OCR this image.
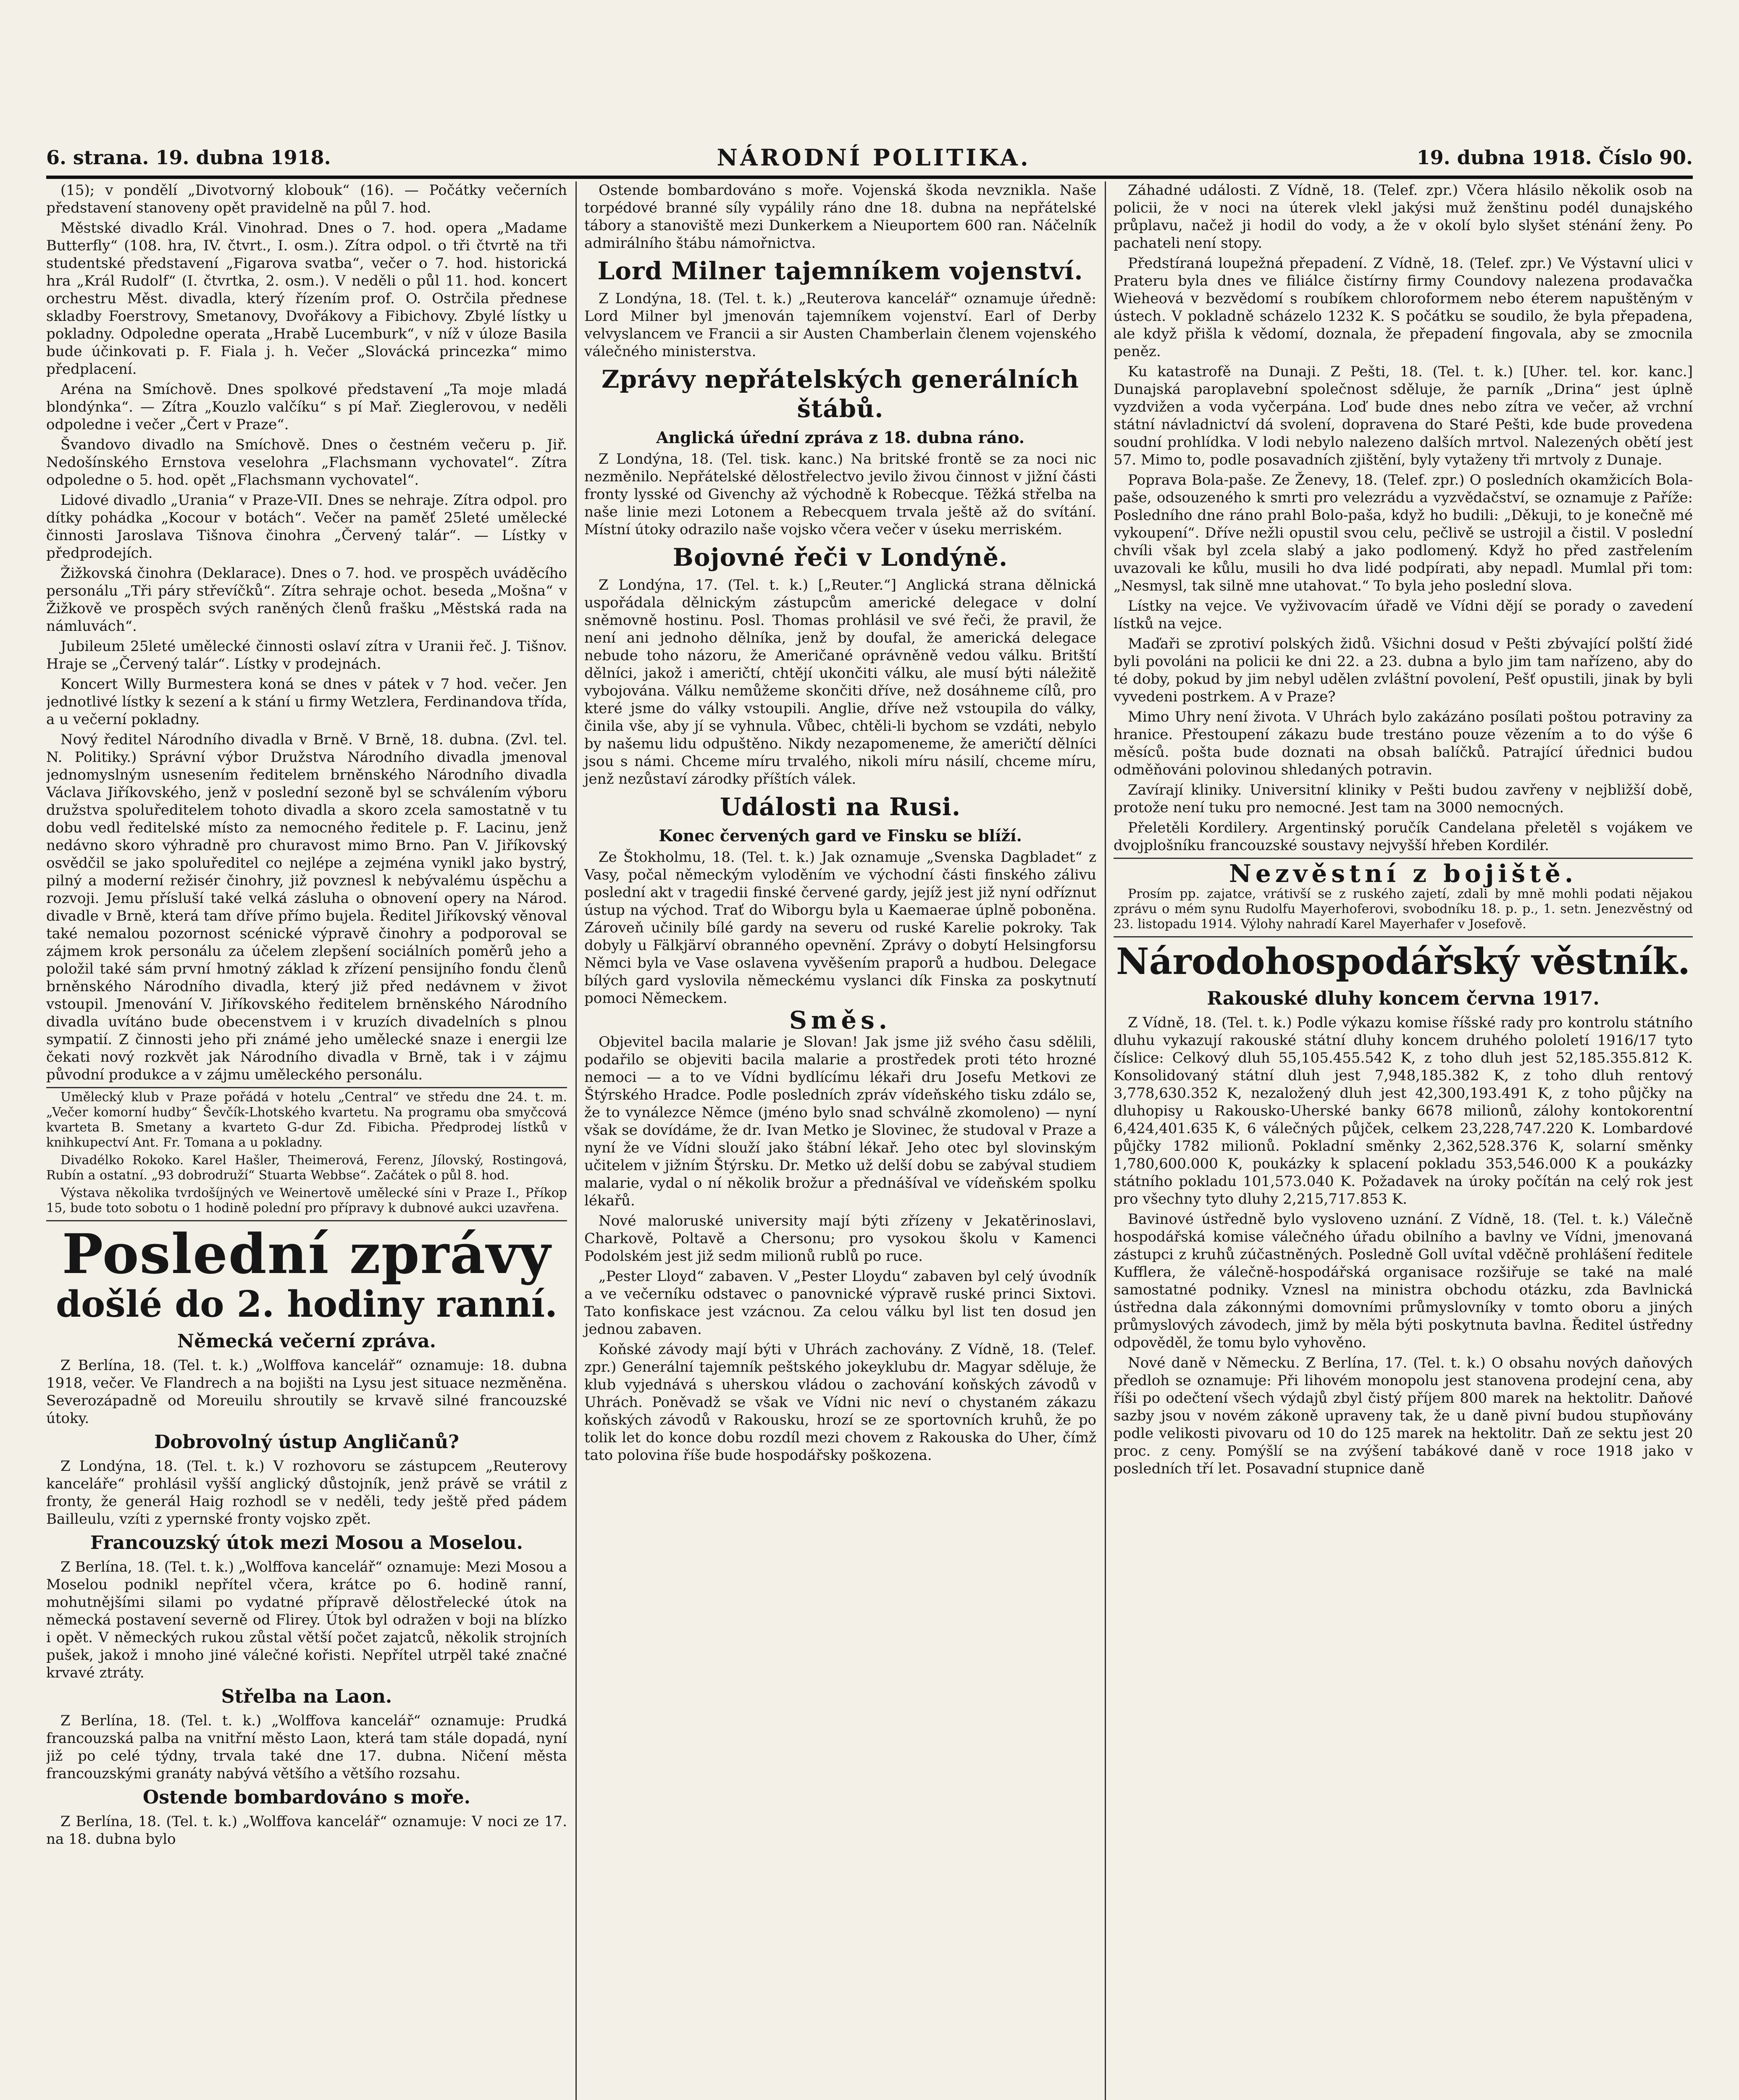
6. strana. 19. dubna 1918.	NÁRODNÍ POLITIKA.	19. dubna 1918. Číslo 90.

(15); v pondělí „Divotvorný klobouk“ (16). — Počátky večerních představení stanoveny opět pravidelně na půl 7. hod.

Městské divadlo Král. Vinohrad. Dnes o 7. hod. opera „Madame Butterfly“ (108. hra, IV. čtvrt., I. osm.). Zítra odpol. o tři čtvrtě na tři studentské představení „Figarova svatba“, večer o 7. hod. historická hra „Král Rudolf“ (I. čtvrtka, 2. osm.). V neděli o půl 11. hod. koncert orchestru Měst. divadla, který řízením prof. O. Ostrčila přednese skladby Foerstrovy, Smetanovy, Dvořákovy a Fibichovy. Zbylé lístky u pokladny. Odpoledne operata „Hrabě Lucemburk“, v níž v úloze Basila bude účinkovati p. F. Fiala j. h. Večer „Slovácká princezka“ mimo předplacení.

Aréna na Smíchově. Dnes spolkové představení „Ta moje mladá blondýnka“. — Zítra „Kouzlo valčíku“ s pí Mař. Zieglerovou, v neděli odpoledne i večer „Čert v Praze“.

Švandovo divadlo na Smíchově. Dnes o čestném večeru p. Jiř. Nedošínského Ernstova veselohra „Flachsmann vychovatel“. Zítra odpoledne o 5. hod. opět „Flachsmann vychovatel“.

Lidové divadlo „Urania“ v Praze-VII. Dnes se nehraje. Zítra odpol. pro dítky pohádka „Kocour v botách“. Večer na paměť 25leté umělecké činnosti Jaroslava Tišnova činohra „Červený talár“. — Lístky v předprodejích.

Žižkovská činohra (Deklarace). Dnes o 7. hod. ve prospěch uváděcího personálu „Tři páry střevíčků“. Zítra sehraje ochot. beseda „Mošna“ v Žižkově ve prospěch svých raněných členů frašku „Městská rada na námluvách“.

Jubileum 25leté umělecké činnosti oslaví zítra v Uranii řeč. J. Tišnov. Hraje se „Červený talár“. Lístky v prodejnách.

Koncert Willy Burmestera koná se dnes v pátek v 7 hod. večer. Jen jednotlivé lístky k sezení a k stání u firmy Wetzlera, Ferdinandova třída, a u večerní pokladny.

Nový ředitel Národního divadla v Brně. V Brně, 18. dubna. (Zvl. tel. N. Politiky.) Správní výbor Družstva Národního divadla jmenoval jednomyslným usnesením ředitelem brněnského Národního divadla Václava Jiříkovského, jenž v poslední sezoně byl se schválením výboru družstva spoluředitelem tohoto divadla a skoro zcela samostatně v tu dobu vedl ředitelské místo za nemocného ředitele p. F. Lacinu, jenž nedávno skoro výhradně pro churavost mimo Brno. Pan V. Jiříkovský osvědčil se jako spoluředitel co nejlépe a zejména vynikl jako bystrý, pilný a moderní režisér činohry, již povznesl k nebývalému úspěchu a rozvoji. Jemu přísluší také velká zásluha o obnovení opery na Národ. divadle v Brně, která tam dříve přímo bujela. Ředitel Jiříkovský věnoval také nemalou pozornost scénické výpravě činohry a podporoval se zájmem krok personálu za účelem zlepšení sociálních poměrů jeho a položil také sám první hmotný základ k zřízení pensijního fondu členů brněnského Národního divadla, který již před nedávnem v život vstoupil. Jmenování V. Jiříkovského ředitelem brněnského Národního divadla uvítáno bude obecenstvem i v kruzích divadelních s plnou sympatií. Z činnosti jeho při známé jeho umělecké snaze i energii lze čekati nový rozkvět jak Národního divadla v Brně, tak i v zájmu původní produkce a v zájmu uměleckého personálu.

Umělecký klub v Praze pořádá v hotelu „Central“ ve středu dne 24. t. m. „Večer komorní hudby“ Ševčík-Lhotského kvartetu. Na programu oba smyčcová kvarteta B. Smetany a kvarteto G-dur Zd. Fibicha. Předprodej lístků v knihkupectví Ant. Fr. Tomana a u pokladny.

Divadélko Rokoko. Karel Hašler, Theimerová, Ferenz, Jílovský, Rostingová, Rubín a ostatní. „93 dobrodruží“ Stuarta Webbse“. Začátek o půl 8. hod.

Výstava několika tvrdošíjných ve Weinertově umělecké síni v Praze I., Příkop 15, bude toto sobotu o 1 hodině polední pro přípravy k dubnové aukci uzavřena.

Poslední zprávy
došlé do 2. hodiny ranní.
Německá večerní zpráva.

Z Berlína, 18. (Tel. t. k.) „Wolffova kancelář“ oznamuje: 18. dubna 1918, večer. Ve Flandrech a na bojišti na Lysu jest situace nezměněna. Severozápadně od Moreuilu shroutily se krvavě silné francouzské útoky.

Dobrovolný ústup Angličanů?

Z Londýna, 18. (Tel. t. k.) V rozhovoru se zástupcem „Reuterovy kanceláře“ prohlásil vyšší anglický důstojník, jenž právě se vrátil z fronty, že generál Haig rozhodl se v neděli, tedy ještě před pádem Bailleulu, vzíti z ypernské fronty vojsko zpět.

Francouzský útok mezi Mosou a Moselou.

Z Berlína, 18. (Tel. t. k.) „Wolffova kancelář“ oznamuje: Mezi Mosou a Moselou podnikl nepřítel včera, krátce po 6. hodině ranní, mohutnějšími silami po vydatné přípravě dělostřelecké útok na německá postavení severně od Flirey. Útok byl odražen v boji na blízko i opět. V německých rukou zůstal větší počet zajatců, několik strojních pušek, jakož i mnoho jiné válečné kořisti. Nepřítel utrpěl také značné krvavé ztráty.

Střelba na Laon.

Z Berlína, 18. (Tel. t. k.) „Wolffova kancelář“ oznamuje: Prudká francouzská palba na vnitřní město Laon, která tam stále dopadá, nyní již po celé týdny, trvala také dne 17. dubna. Ničení města francouzskými granáty nabývá většího a většího rozsahu.

Ostende bombardováno s moře.

Z Berlína, 18. (Tel. t. k.) „Wolffova kancelář“ oznamuje: V noci ze 17. na 18. dubna bylo

Ostende bombardováno s moře. Vojenská škoda nevznikla. Naše torpédové branné síly vypálily ráno dne 18. dubna na nepřátelské tábory a stanoviště mezi Dunkerkem a Nieuportem 600 ran. Náčelník admirálního štábu námořnictva.

Lord Milner tajemníkem vojenství.

Z Londýna, 18. (Tel. t. k.) „Reuterova kancelář“ oznamuje úředně: Lord Milner byl jmenován tajemníkem vojenství. Earl of Derby velvyslancem ve Francii a sir Austen Chamberlain členem vojenského válečného ministerstva.

Zprávy nepřátelských generálních štábů.
Anglická úřední zpráva z 18. dubna ráno.

Z Londýna, 18. (Tel. tisk. kanc.) Na britské frontě se za noci nic nezměnilo. Nepřátelské dělostřelectvo jevilo živou činnost v jižní části fronty lysské od Givenchy až východně k Robecque. Těžká střelba na naše linie mezi Lotonem a Rebecquem trvala ještě až do svítání. Místní útoky odrazilo naše vojsko včera večer v úseku merriském.

Bojovné řeči v Londýně.

Z Londýna, 17. (Tel. t. k.) [„Reuter.“] Anglická strana dělnická uspořádala dělnickým zástupcům americké delegace v dolní sněmovně hostinu. Posl. Thomas prohlásil ve své řeči, že pravil, že není ani jednoho dělníka, jenž by doufal, že americká delegace nebude toho názoru, že Američané oprávněně vedou válku. Britští dělníci, jakož i američtí, chtějí ukončiti válku, ale musí býti náležitě vybojována. Válku nemůžeme skončiti dříve, než dosáhneme cílů, pro které jsme do války vstoupili. Anglie, dříve než vstoupila do války, činila vše, aby jí se vyhnula. Vůbec, chtěli-li bychom se vzdáti, nebylo by našemu lidu odpuštěno. Nikdy nezapomeneme, že američtí dělníci jsou s námi. Chceme míru trvalého, nikoli míru násilí, chceme míru, jenž nezůstaví zárodky příštích válek.

Události na Rusi.
Konec červených gard ve Finsku se blíží.

Ze Štokholmu, 18. (Tel. t. k.) Jak oznamuje „Svenska Dagbladet“ z Vasy, počal německým vyloděním ve východní části finského zálivu poslední akt v tragedii finské červené gardy, jejíž jest již nyní odříznut ústup na východ. Trať do Wiborgu byla u Kaemaerae úplně poboněna. Zároveň učinily bílé gardy na severu od ruské Karelie pokroky. Tak dobyly u Fälkjärví obranného opevnění. Zprávy o dobytí Helsingforsu Němci byla ve Vase oslavena vyvěšením praporů a hudbou. Delegace bílých gard vyslovila německému vyslanci dík Finska za poskytnutí pomoci Německem.

Směs.

Objevitel bacila malarie je Slovan! Jak jsme již svého času sdělili, podařilo se objeviti bacila malarie a prostředek proti této hrozné nemoci — a to ve Vídni bydlícímu lékaři dru Josefu Metkovi ze Štýrského Hradce. Podle posledních zpráv vídeňského tisku zdálo se, že to vynálezce Němce (jméno bylo snad schválně zkomoleno) — nyní však se dovídáme, že dr. Ivan Metko je Slovinec, že studoval v Praze a nyní že ve Vídni slouží jako štábní lékař. Jeho otec byl slovinským učitelem v jižním Štýrsku. Dr. Metko už delší dobu se zabýval studiem malarie, vydal o ní několik brožur a přednášíval ve vídeňském spolku lékařů.

Nové maloruské university mají býti zřízeny v Jekatěrinoslavi, Charkově, Poltavě a Chersonu; pro vysokou školu v Kamenci Podolském jest již sedm milionů rublů po ruce.

„Pester Lloyd“ zabaven. V „Pester Lloydu“ zabaven byl celý úvodník a ve večerníku odstavec o panovnické výpravě ruské princi Sixtovi. Tato konfiskace jest vzácnou. Za celou válku byl list ten dosud jen jednou zabaven.

Koňské závody mají býti v Uhrách zachovány. Z Vídně, 18. (Telef. zpr.) Generální tajemník peštského jokeyklubu dr. Magyar sděluje, že klub vyjednává s uherskou vládou o zachování koňských závodů v Uhrách. Poněvadž se však ve Vídni nic neví o chystaném zákazu koňských závodů v Rakousku, hrozí se ze sportovních kruhů, že po tolik let do konce dobu rozdíl mezi chovem z Rakouska do Uher, čímž tato polovina říše bude hospodářsky poškozena.

Záhadné události. Z Vídně, 18. (Telef. zpr.) Včera hlásilo několik osob na policii, že v noci na úterek vlekl jakýsi muž ženštinu podél dunajského průplavu, načež ji hodil do vody, a že v okolí bylo slyšet sténání ženy. Po pachateli není stopy.

Předstíraná loupežná přepadení. Z Vídně, 18. (Telef. zpr.) Ve Výstavní ulici v Prateru byla dnes ve filiálce čistírny firmy Coundovy nalezena prodavačka Wieheová v bezvědomí s roubíkem chloroformem nebo éterem napuštěným v ústech. V pokladně scházelo 1232 K. S počátku se soudilo, že byla přepadena, ale když přišla k vědomí, doznala, že přepadení fingovala, aby se zmocnila peněz.

Ku katastrofě na Dunaji. Z Pešti, 18. (Tel. t. k.) [Uher. tel. kor. kanc.] Dunajská paroplavební společnost sděluje, že parník „Drina“ jest úplně vyzdvižen a voda vyčerpána. Loď bude dnes nebo zítra ve večer, až vrchní státní návladnictví dá svolení, dopravena do Staré Pešti, kde bude provedena soudní prohlídka. V lodi nebylo nalezeno dalších mrtvol. Nalezených obětí jest 57. Mimo to, podle posavadních zjištění, byly vytaženy tři mrtvoly z Dunaje.

Poprava Bola-paše. Ze Ženevy, 18. (Telef. zpr.) O posledních okamžicích Bola-paše, odsouzeného k smrti pro velezrádu a vyzvědačství, se oznamuje z Paříže: Posledního dne ráno prahl Bolo-paša, když ho budili: „Děkuji, to je konečně mé vykoupení“. Dříve nežli opustil svou celu, pečlivě se ustrojil a čistil. V poslední chvíli však byl zcela slabý a jako podlomený. Když ho před zastřelením uvazovali ke kůlu, musili ho dva lidé podpírati, aby nepadl. Mumlal při tom: „Nesmysl, tak silně mne utahovat.“ To byla jeho poslední slova.

Lístky na vejce. Ve vyživovacím úřadě ve Vídni dějí se porady o zavedení lístků na vejce.

Maďaři se zprotiví polských židů. Všichni dosud v Pešti zbývající polští židé byli povoláni na policii ke dni 22. a 23. dubna a bylo jim tam nařízeno, aby do té doby, pokud by jim nebyl udělen zvláštní povolení, Pešť opustili, jinak by byli vyvedeni postrkem. A v Praze?

Mimo Uhry není života. V Uhrách bylo zakázáno posílati poštou potraviny za hranice. Přestoupení zákazu bude trestáno pouze vězením a to do výše 6 měsíců. pošta bude doznati na obsah balíčků. Patrající úřednici budou odměňováni polovinou shledaných potravin.

Zavírají kliniky. Universitní kliniky v Pešti budou zavřeny v nejbližší době, protože není tuku pro nemocné. Jest tam na 3000 nemocných.

Přeletěli Kordilery. Argentinský poručík Candelana přeletěl s vojákem ve dvojplošníku francouzské soustavy nejvyšší hřeben Kordilér.

Nezvěstní z bojiště.

Prosím pp. zajatce, vrátivší se z ruského zajetí, zdali by mně mohli podati nějakou zprávu o mém synu Rudolfu Mayerhoferovi, svobodníku 18. p. p., 1. setn. Jenezvěstný od 23. listopadu 1914. Výlohy nahradí Karel Mayerhafer v Josefově.

Národohospodářský věstník.
Rakouské dluhy koncem června 1917.

Z Vídně, 18. (Tel. t. k.) Podle výkazu komise říšské rady pro kontrolu státního dluhu vykazují rakouské státní dluhy koncem druhého pololetí 1916/17 tyto číslice: Celkový dluh 55,105.455.542 K, z toho dluh jest 52,185.355.812 K. Konsolidovaný státní dluh jest 7,948,185.382 K, z toho dluh rentový 3,778,630.352 K, nezaložený dluh jest 42,300,193.491 K, z toho půjčky na dluhopisy u Rakousko-Uherské banky 6678 milionů, zálohy kontokorentní 6,424,401.635 K, 6 válečných půjček, celkem 23,228,747.220 K. Lombardové půjčky 1782 milionů. Pokladní směnky 2,362,528.376 K, solarní směnky 1,780,600.000 K, poukázky k splacení pokladu 353,546.000 K a poukázky státního pokladu 101,573.040 K. Požadavek na úroky počítán na celý rok jest pro všechny tyto dluhy 2,215,717.853 K.

Bavinové ústředně bylo vysloveno uznání. Z Vídně, 18. (Tel. t. k.) Válečně hospodářská komise válečného úřadu obilního a bavlny ve Vídni, jmenovaná zástupci z kruhů zúčastněných. Posledně Goll uvítal vděčně prohlášení ředitele Kufflera, že válečně-hospodářská organisace rozšiřuje se také na malé samostatné podniky. Vznesl na ministra obchodu otázku, zda Bavlnická ústředna dala zákonnými domovními průmyslovníky v tomto oboru a jiných průmyslových závodech, jimž by měla býti poskytnuta bavlna. Ředitel ústředny odpověděl, že tomu bylo vyhověno.

Nové daně v Německu. Z Berlína, 17. (Tel. t. k.) O obsahu nových daňových předloh se oznamuje: Při lihovém monopolu jest stanovena prodejní cena, aby říši po odečtení všech výdajů zbyl čistý příjem 800 marek na hektolitr. Daňové sazby jsou v novém zákoně upraveny tak, že u daně pivní budou stupňovány podle velikosti pivovaru od 10 do 125 marek na hektolitr. Daň ze sektu jest 20 proc. z ceny. Pomýšlí se na zvýšení tabákové daně v roce 1918 jako v posledních tří let. Posavadní stupnice daně
